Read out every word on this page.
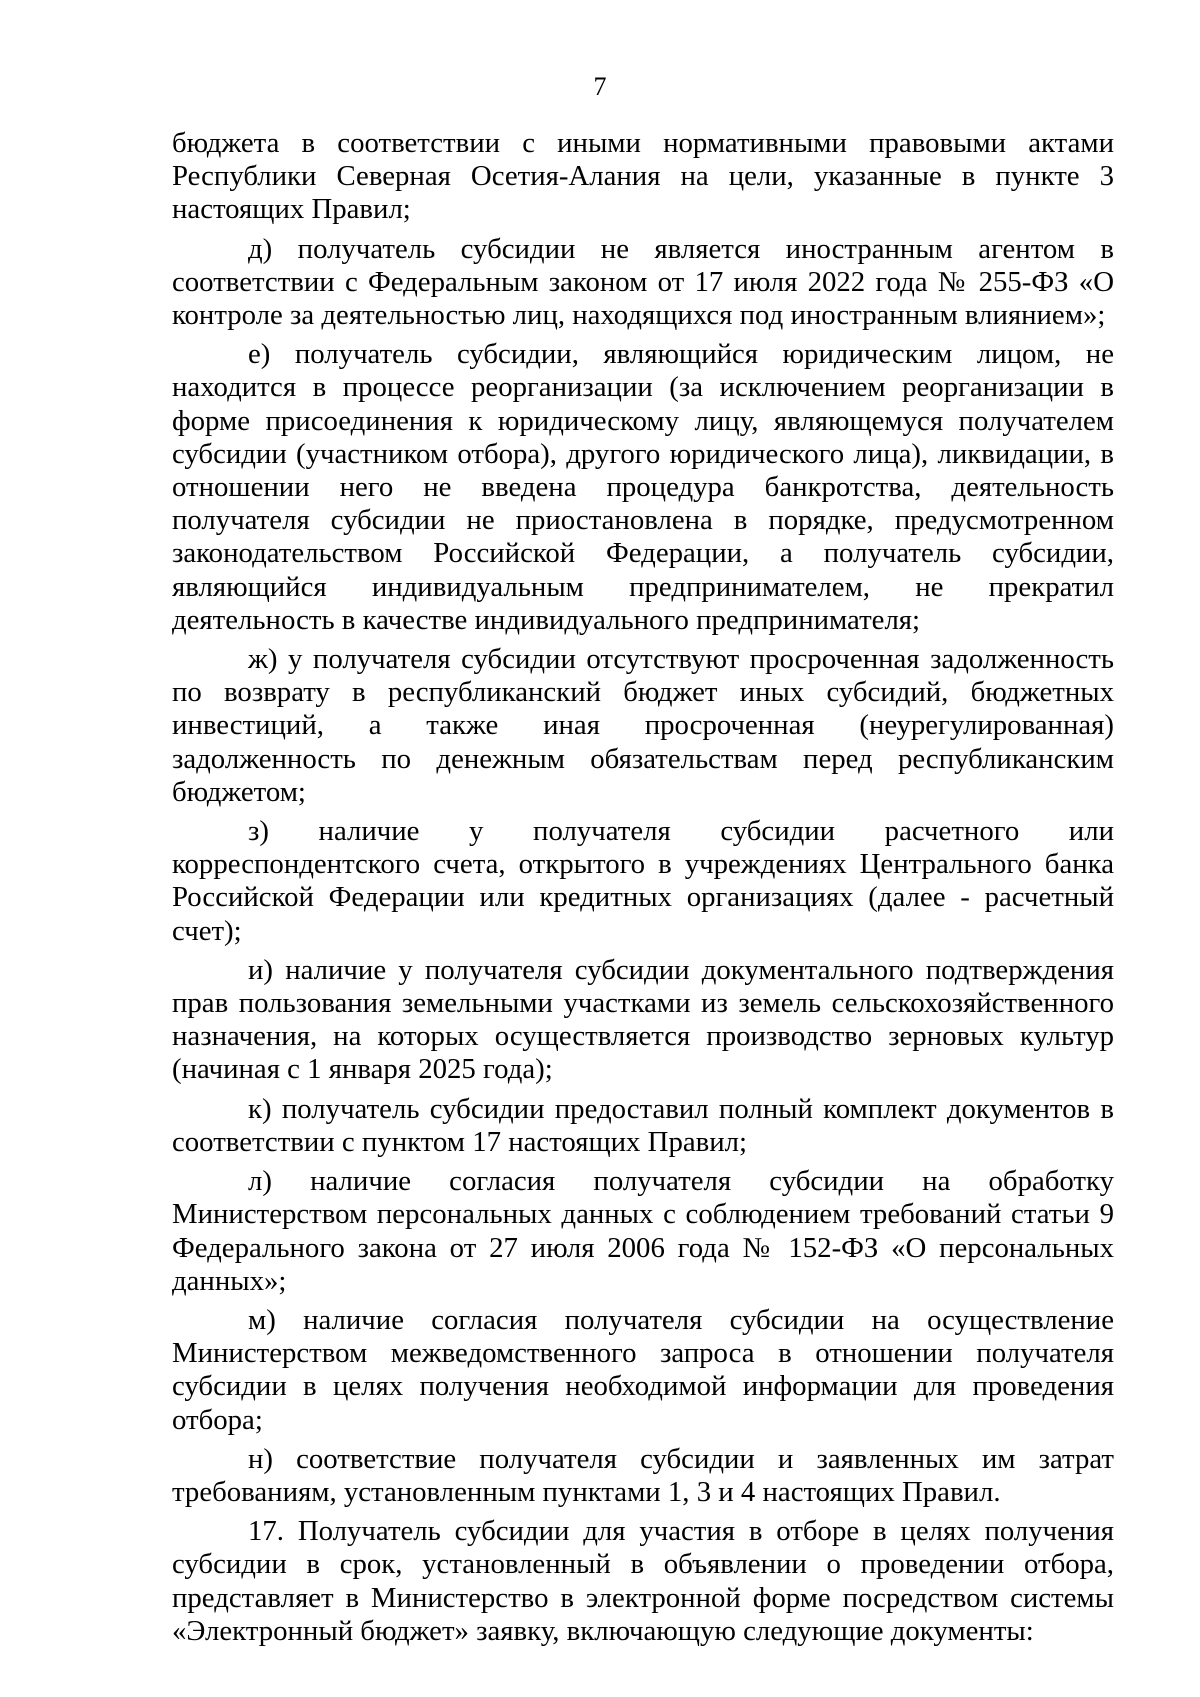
7

бюджета в соответствии с иными нормативными правовыми актами Республики Северная Осетия-Алания на цели, указанные в пункте 3 настоящих Правил;

д) получатель субсидии не является иностранным агентом в соответствии с Федеральным законом от 17 июля 2022 года № 255-ФЗ «О контроле за деятельностью лиц, находящихся под иностранным влиянием»;

е) получатель субсидии, являющийся юридическим лицом, не находится в процессе реорганизации (за исключением реорганизации в форме присоединения к юридическому лицу, являющемуся получателем субсидии (участником отбора), другого юридического лица), ликвидации, в отношении него не введена процедура банкротства, деятельность получателя субсидии не приостановлена в порядке, предусмотренном законодательством Российской Федерации, а получатель субсидии, являющийся индивидуальным предпринимателем, не прекратил деятельность в качестве индивидуального предпринимателя;

ж) у получателя субсидии отсутствуют просроченная задолженность по возврату в республиканский бюджет иных субсидий, бюджетных инвестиций, а также иная просроченная (неурегулированная) задолженность по денежным обязательствам перед республиканским бюджетом;

з) наличие у получателя субсидии расчетного или корреспондентского счета, открытого в учреждениях Центрального банка Российской Федерации или кредитных организациях (далее - расчетный счет);

и) наличие у получателя субсидии документального подтверждения прав пользования земельными участками из земель сельскохозяйственного назначения, на которых осуществляется производство зерновых культур (начиная с 1 января 2025 года);

к) получатель субсидии предоставил полный комплект документов в соответствии с пунктом 17 настоящих Правил;

л) наличие согласия получателя субсидии на обработку Министерством персональных данных с соблюдением требований статьи 9 Федерального закона от 27 июля 2006 года № 152-ФЗ «О персональных данных»;

м) наличие согласия получателя субсидии на осуществление Министерством межведомственного запроса в отношении получателя субсидии в целях получения необходимой информации для проведения отбора;

н) соответствие получателя субсидии и заявленных им затрат требованиям, установленным пунктами 1, 3 и 4 настоящих Правил.

17. Получатель субсидии для участия в отборе в целях получения субсидии в срок, установленный в объявлении о проведении отбора, представляет в Министерство в электронной форме посредством системы «Электронный бюджет» заявку, включающую следующие документы:
